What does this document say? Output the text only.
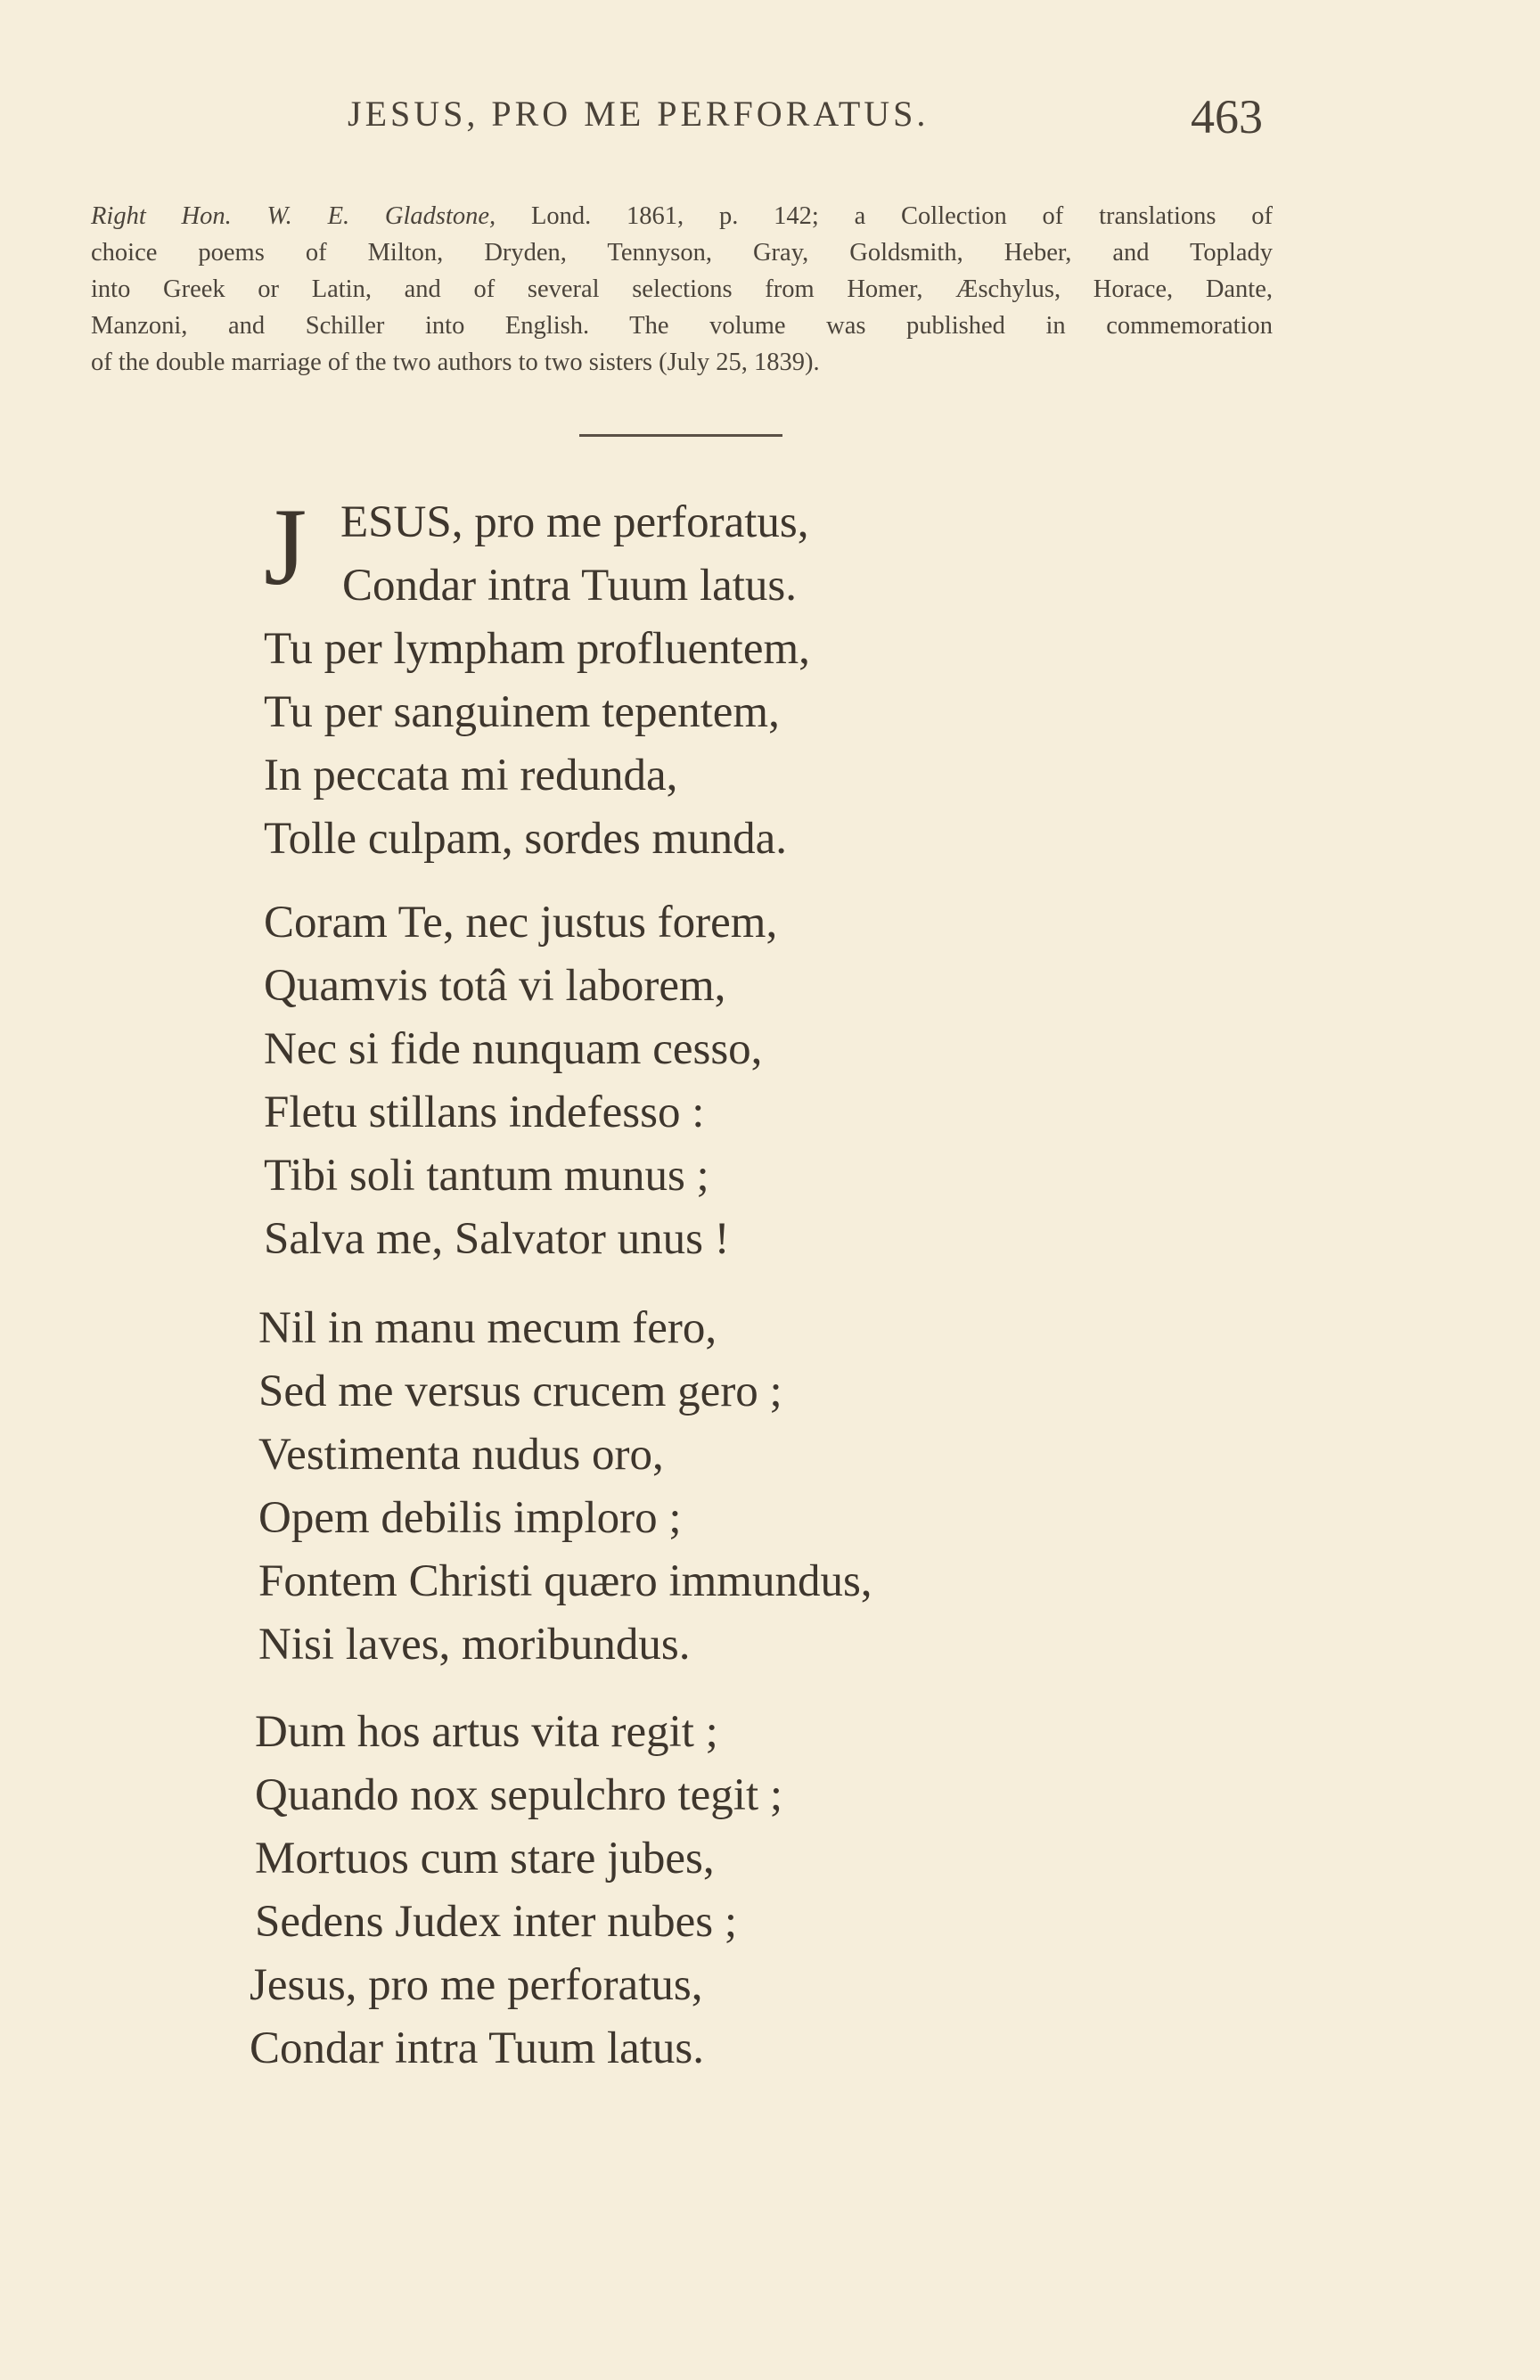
JESUS, PRO ME PERFORATUS.	463
Right Hon. W. E. Gladstone, Lond. 1861, p. 142; a Collection of translations of
choice poems of Milton, Dryden, Tennyson, Gray, Goldsmith, Heber, and Toplady
into Greek or Latin, and of several selections from Homer, Æschylus, Horace, Dante,
Manzoni, and Schiller into English. The volume was published in commemoration
of the double marriage of the two authors to two sisters (July 25, 1839).
J ESUS, pro me perforatus,
Condar intra Tuum latus.
Tu per lympham profluentem,
Tu per sanguinem tepentem,
In peccata mi redunda,
Tolle culpam, sordes munda.
Coram Te, nec justus forem,
Quamvis totâ vi laborem,
Nec si fide nunquam cesso,
Fletu stillans indefesso :
Tibi soli tantum munus ;
Salva me, Salvator unus !
Nil in manu mecum fero,
Sed me versus crucem gero ;
Vestimenta nudus oro,
Opem debilis imploro ;
Fontem Christi quæro immundus,
Nisi laves, moribundus.
Dum hos artus vita regit ;
Quando nox sepulchro tegit ;
Mortuos cum stare jubes,
Sedens Judex inter nubes ;
Jesus, pro me perforatus,
Condar intra Tuum latus.
